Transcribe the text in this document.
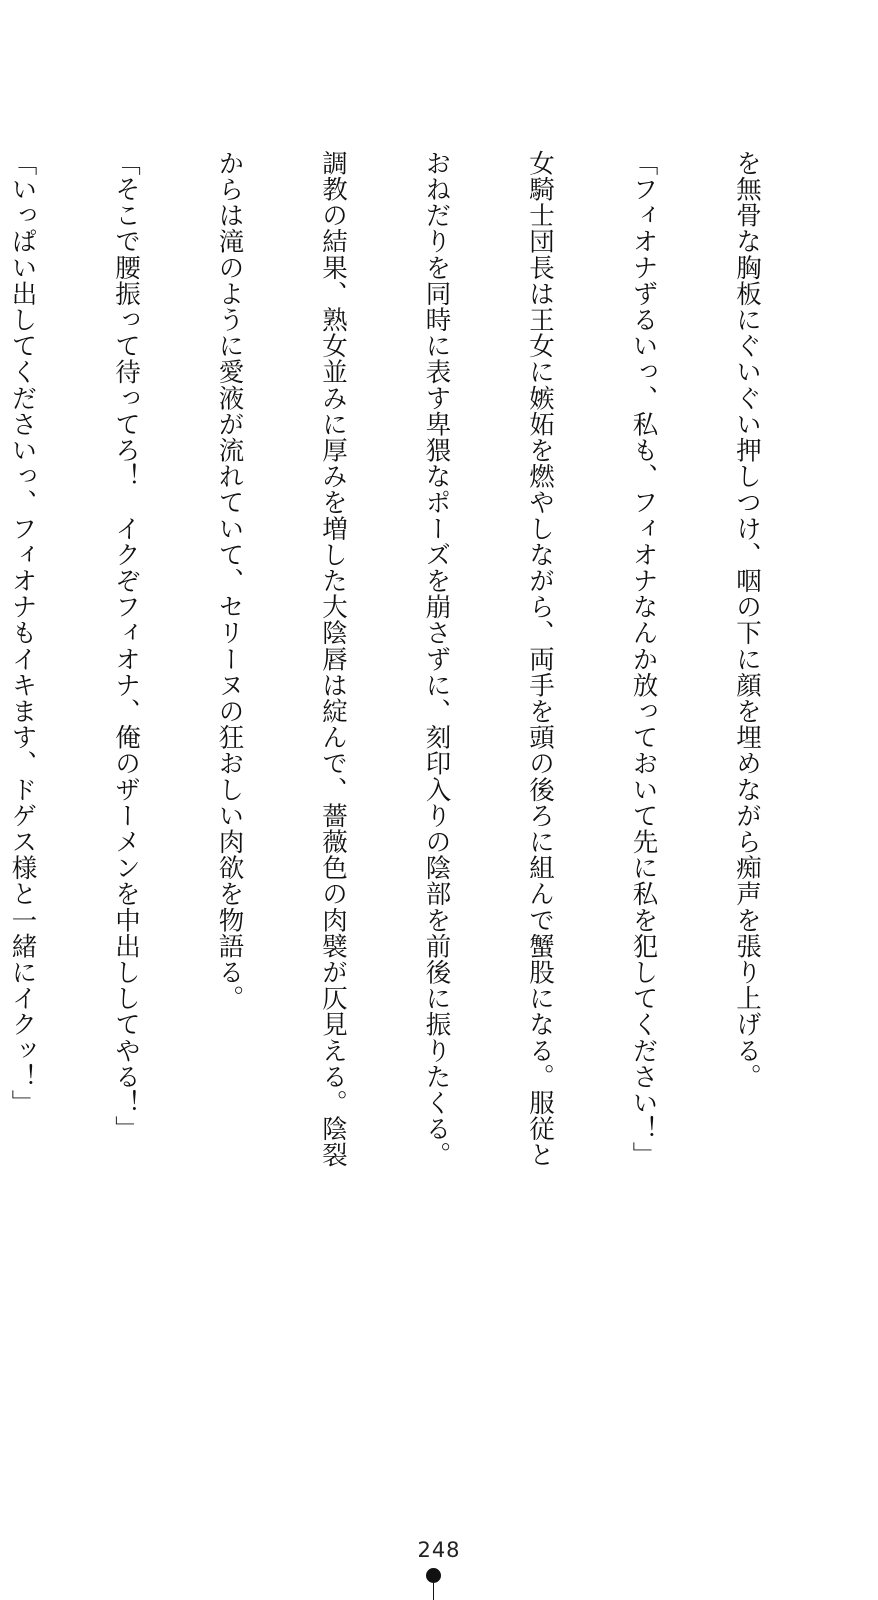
を無骨な胸板にぐいぐい押しつけ、咽の下に顔を埋めながら痴声を張り上げる。

「フィオナずるいっ、私も、フィオナなんか放っておいて先に私を犯してください！」

女騎士団長は王女に嫉妬を燃やしながら、両手を頭の後ろに組んで蟹股になる。服従と

おねだりを同時に表す卑猥なポーズを崩さずに、刻印入りの陰部を前後に振りたくる。

調教の結果、熟女並みに厚みを増した大陰唇は綻んで、薔薇色の肉襞が仄見える。陰裂

からは滝のように愛液が流れていて、セリーヌの狂おしい肉欲を物語る。

「そこで腰振って待ってろ！　イクぞフィオナ、俺のザーメンを中出ししてやる！」

「いっぱい出してくださいっ、フィオナもイキます、ドゲス様と一緒にイクッ！」

248
